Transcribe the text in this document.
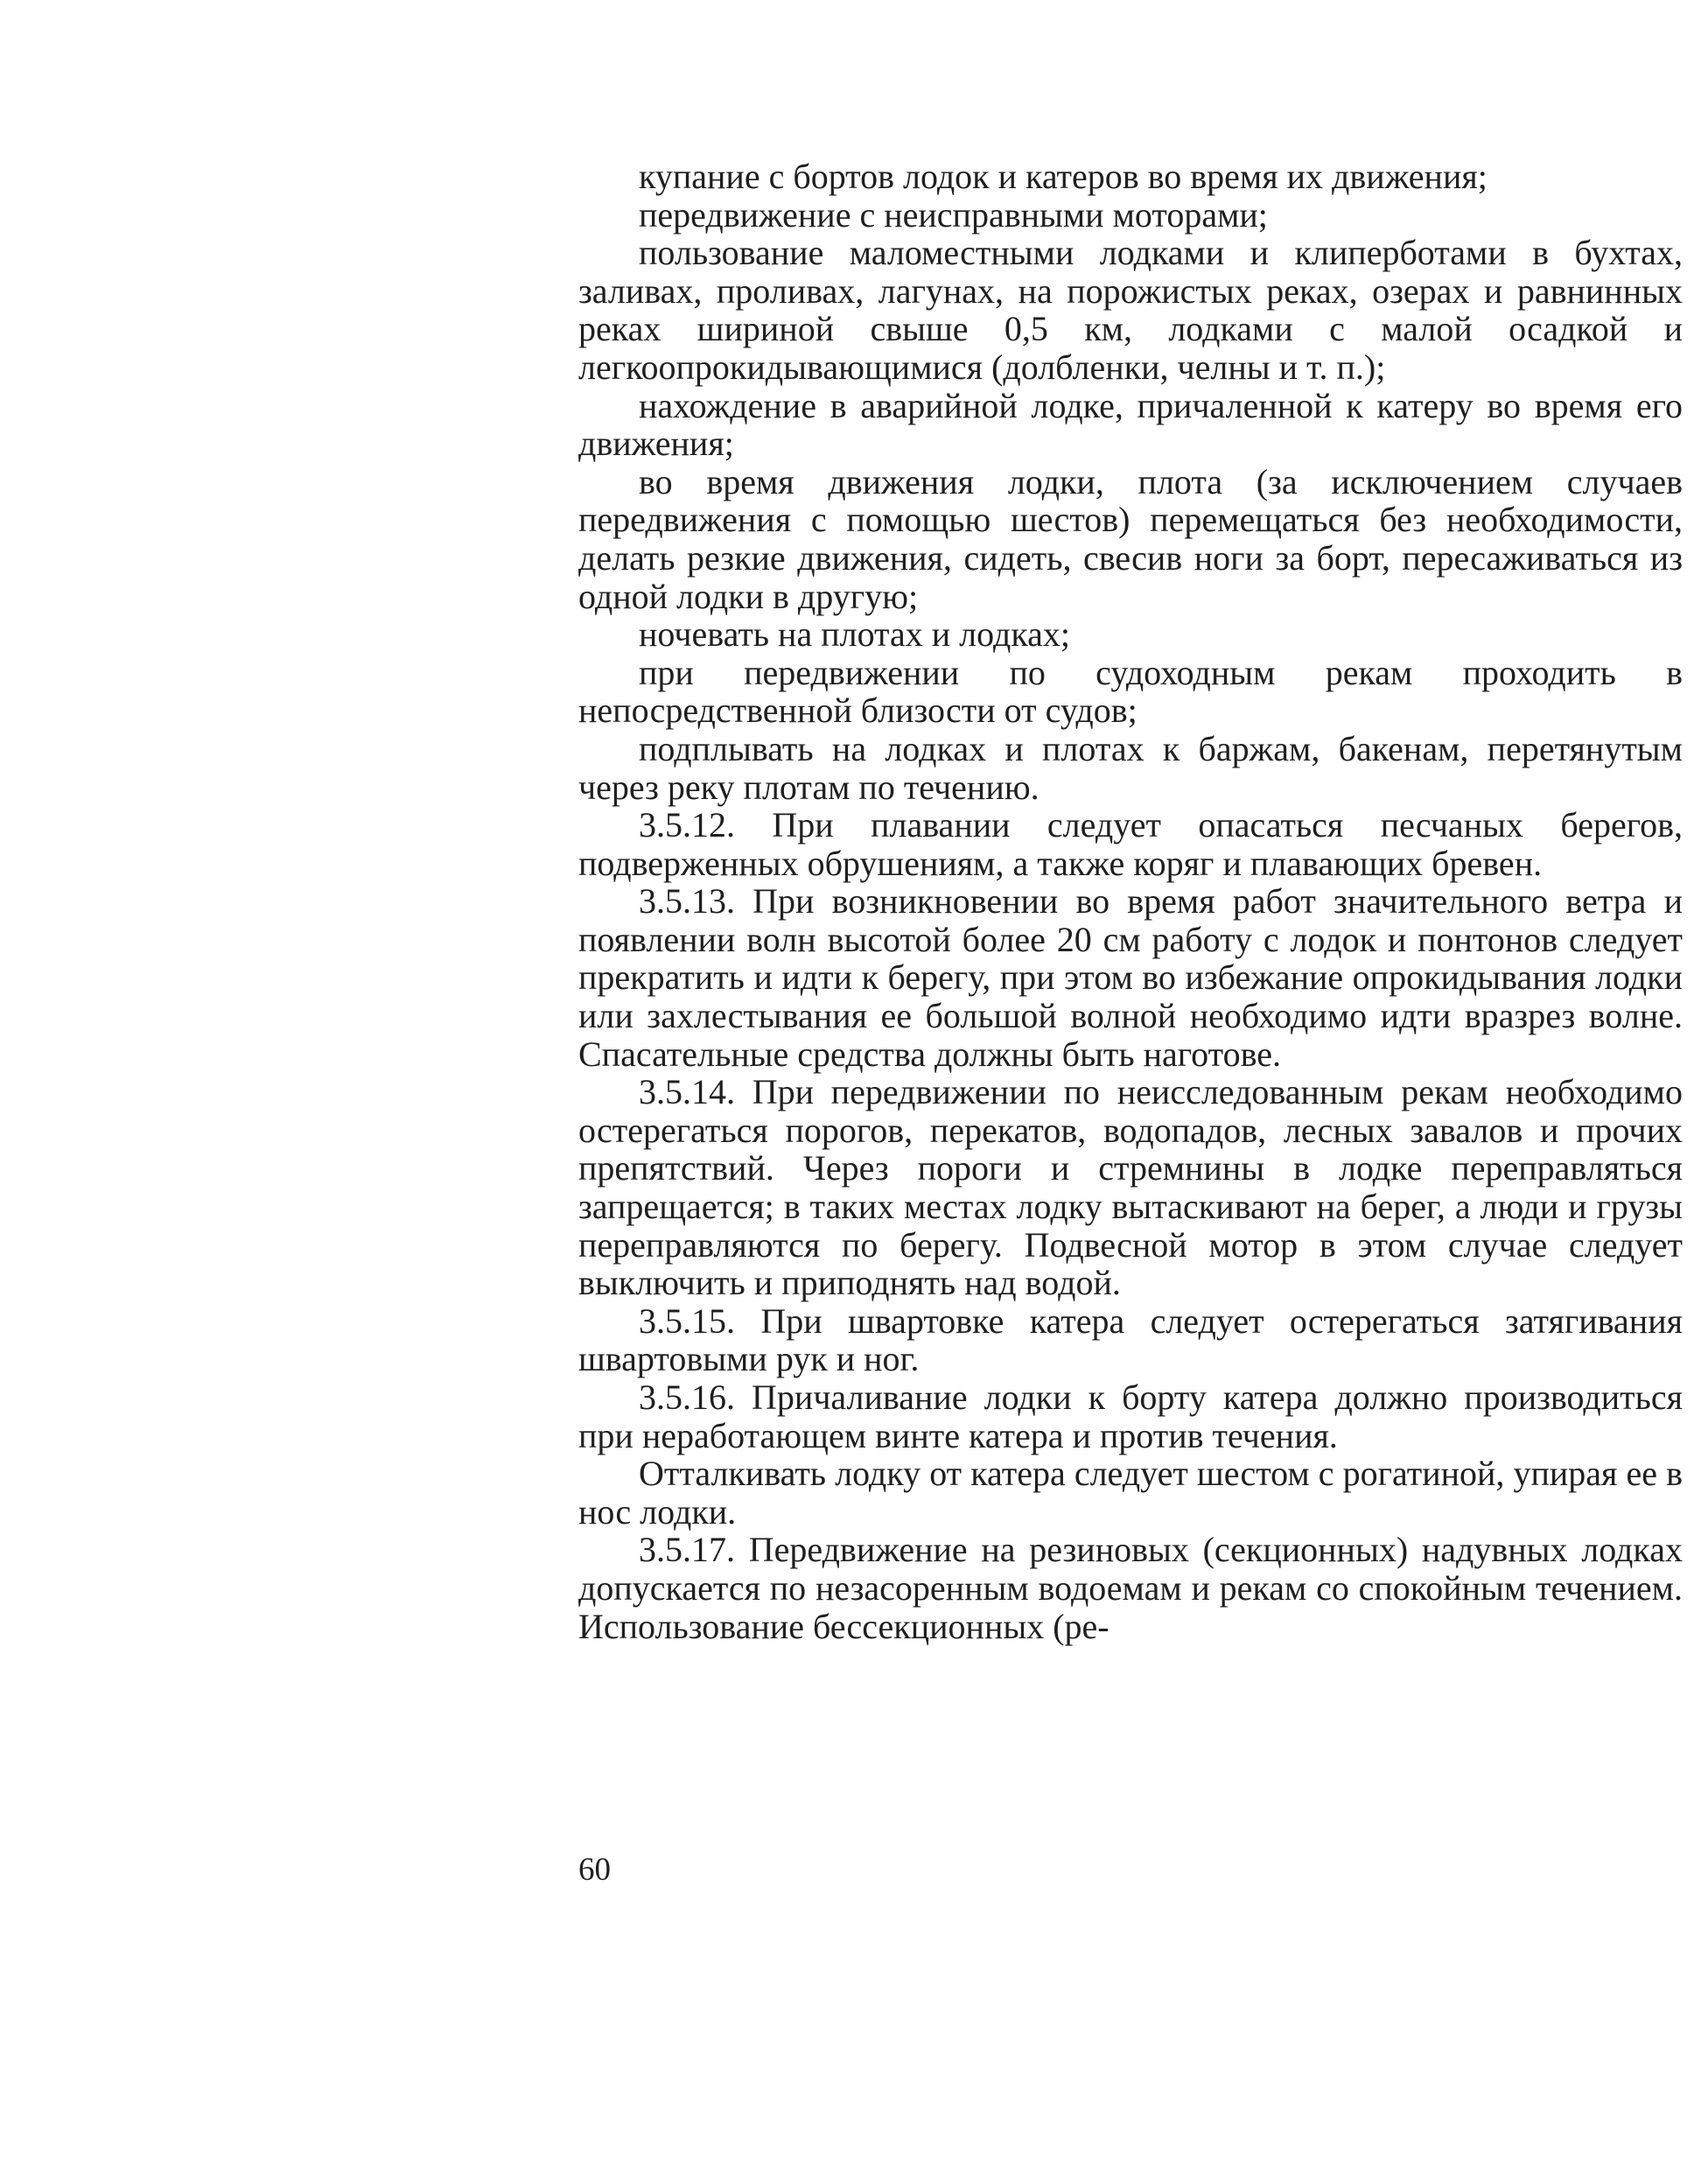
купание с бортов лодок и катеров во время их движения;

передвижение с неисправными моторами;

пользование маломестными лодками и клиперботами в бухтах, заливах, проливах, лагунах, на порожистых реках, озерах и равнинных реках шириной свыше 0,5 км, лодками с малой осадкой и легкоопрокидывающимися (долбленки, челны и т. п.);

нахождение в аварийной лодке, причаленной к катеру во время его движения;

во время движения лодки, плота (за исключением случаев передвижения с помощью шестов) перемещаться без необходимости, делать резкие движения, сидеть, свесив ноги за борт, пересаживаться из одной лодки в другую;

ночевать на плотах и лодках;

при передвижении по судоходным рекам проходить в непосредственной близости от судов;

подплывать на лодках и плотах к баржам, бакенам, перетянутым через реку плотам по течению.

3.5.12. При плавании следует опасаться песчаных берегов, подверженных обрушениям, а также коряг и плавающих бревен.

3.5.13. При возникновении во время работ значительного ветра и появлении волн высотой более 20 см работу с лодок и понтонов следует прекратить и идти к берегу, при этом во избежание опрокидывания лодки или захлестывания ее большой волной необходимо идти вразрез волне. Спасательные средства должны быть наготове.

3.5.14. При передвижении по неисследованным рекам необходимо остерегаться порогов, перекатов, водопадов, лесных завалов и прочих препятствий. Через пороги и стремнины в лодке переправляться запрещается; в таких местах лодку вытаскивают на берег, а люди и грузы переправляются по берегу. Подвесной мотор в этом случае следует выключить и приподнять над водой.

3.5.15. При швартовке катера следует остерегаться затягивания швартовыми рук и ног.

3.5.16. Причаливание лодки к борту катера должно производиться при неработающем винте катера и против течения.

Отталкивать лодку от катера следует шестом с рогатиной, упирая ее в нос лодки.

3.5.17. Передвижение на резиновых (секционных) надувных лодках допускается по незасоренным водоемам и рекам со спокойным течением. Использование бессекционных (ре-

60
